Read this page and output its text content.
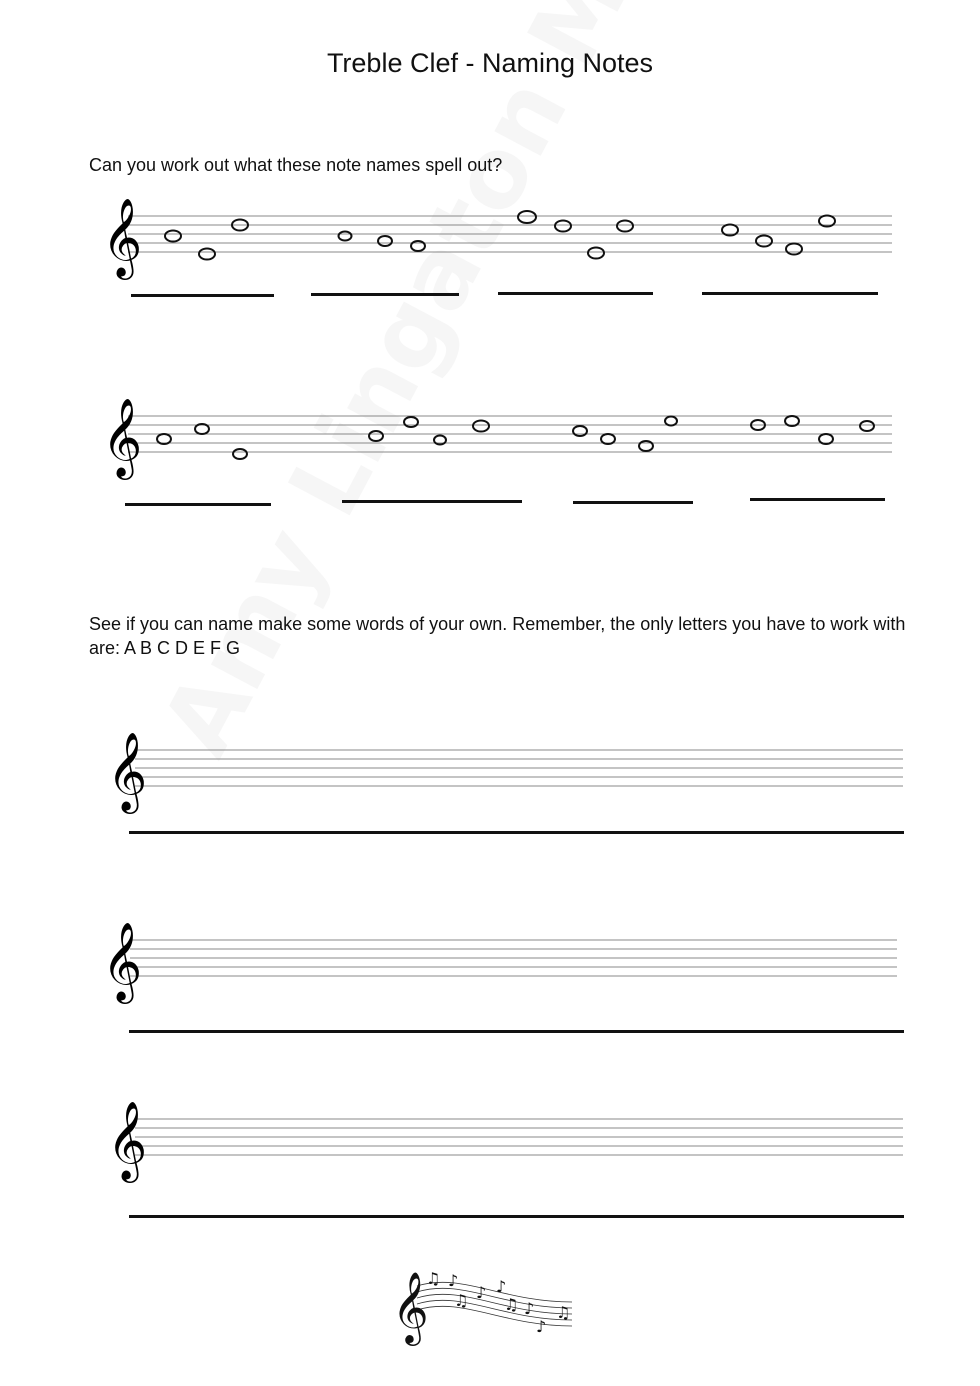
Treble Clef - Naming Notes
Can you work out what these note names spell out?
𝄞
𝄞
See if you can name make some words of your own. Remember, the only letters you have to work with are: A B C D E F G
𝄞
𝄞
𝄞
𝄞
♫ ♪
♫ ♪ ♪
♫ ♪
♪
♫
